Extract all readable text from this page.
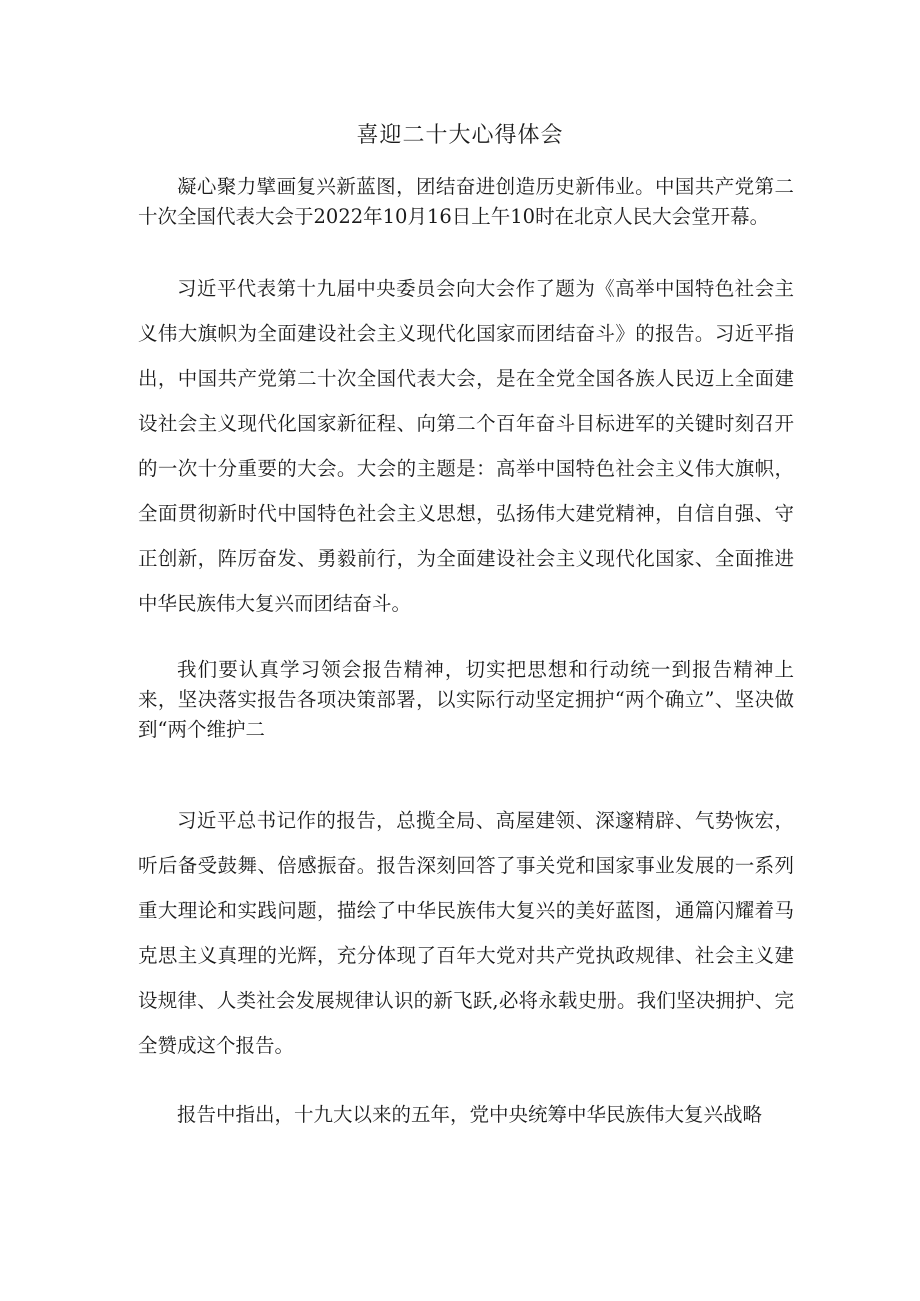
喜迎二十大心得体会

凝心聚力擘画复兴新蓝图，团结奋进创造历史新伟业。中国共产党第二十次全国代表大会于2022年10月16日上午10时在北京人民大会堂开幕。

习近平代表第十九届中央委员会向大会作了题为《高举中国特色社会主义伟大旗帜为全面建设社会主义现代化国家而团结奋斗》的报告。习近平指出，中国共产党第二十次全国代表大会，是在全党全国各族人民迈上全面建设社会主义现代化国家新征程、向第二个百年奋斗目标进军的关键时刻召开的一次十分重要的大会。大会的主题是：高举中国特色社会主义伟大旗帜，全面贯彻新时代中国特色社会主义思想，弘扬伟大建党精神，自信自强、守正创新，阵厉奋发、勇毅前行，为全面建设社会主义现代化国家、全面推进中华民族伟大复兴而团结奋斗。

我们要认真学习领会报告精神，切实把思想和行动统一到报告精神上来，坚决落实报告各项决策部署，以实际行动坚定拥护“两个确立”、坚决做到“两个维护二

习近平总书记作的报告，总揽全局、高屋建领、深邃精辟、气势恢宏，听后备受鼓舞、倍感振奋。报告深刻回答了事关党和国家事业发展的一系列重大理论和实践问题，描绘了中华民族伟大复兴的美好蓝图，通篇闪耀着马克思主义真理的光辉，充分体现了百年大党对共产党执政规律、社会主义建设规律、人类社会发展规律认识的新飞跃,必将永载史册。我们坚决拥护、完全赞成这个报告。

报告中指出，十九大以来的五年，党中央统筹中华民族伟大复兴战略
